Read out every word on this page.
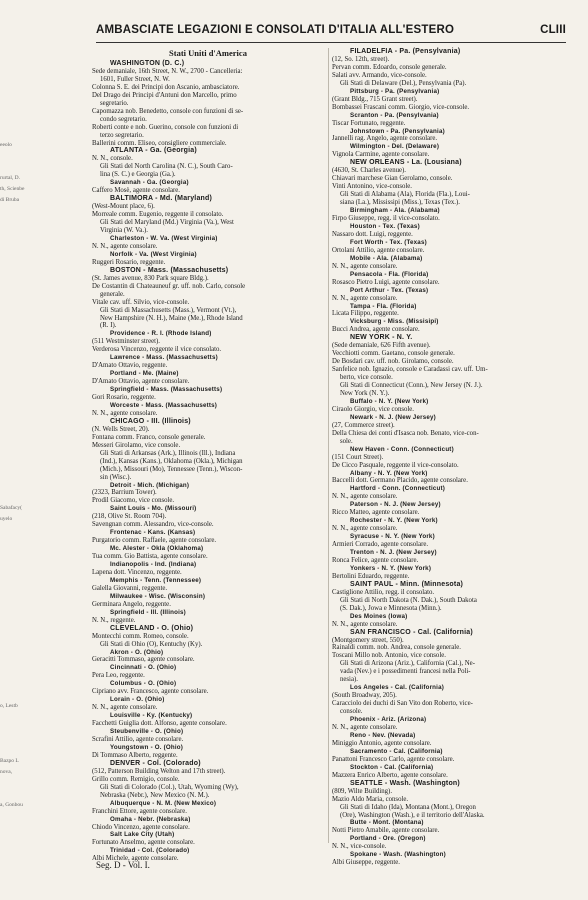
AMBASCIATE LEGAZIONI E CONSOLATI D'ITALIA ALL'ESTERO	CLIII
eeolo

rurtal, D.
th, Scienbe
di Bruba

Sabafacy(
uyelo

o, Lestb

Bazpo L
nova,

a, Gonbou
Stati Uniti d'America
WASHINGTON (D. C.)
Sede demaniale, 16th Street, N. W., 2700 - Cancelleria:
1601, Fuller Street, N. W.
Colonna S. E. dei Principi don Ascanio, ambasciatore.
Del Drago dei Principi d'Antuni don Marcello, primo
segretario.
Capomazza nob. Benedetto, console con funzioni di se-
condo segretario.
Roberti conte e nob. Guerino, console con funzioni di
terzo segretario.
Ballerini comm. Eliseo, consigliere commerciale.
ATLANTA - Ga. (Georgia)
N. N., console.
Gli Stati del North Carolina (N. C.), South Caro-
lina (S. C.) e Georgia (Ga.).
Savannah - Ga. (Georgia)
Caffero Mosè, agente consolare.
BALTIMORA - Md. (Maryland)
(West-Mount place, 6).
Morreale comm. Eugenio, reggente il consolato.
Gli Stati del Maryland (Md.) Virginia (Va.), West
Virginia (W. Va.).
Charleston - W. Va. (West Virginia)
N. N., agente consolare.
Norfolk - Va. (West Virginia)
Ruggeri Rosario, reggente.
BOSTON - Mass. (Massachusetts)
(St. James avenue, 830 Park square Bldg.).
De Costantin di Chateauneuf gr. uff. nob. Carlo, console
generale.
Vitale cav. uff. Silvio, vice-console.
Gli Stati di Massachusetts (Mass.), Vermont (Vt.),
New Hampshire (N. H.), Maine (Me.), Rhode Island
(R. I).
Providence - R. I. (Rhode Island)
(511 Westminster street).
Verderosa Vincenzo, reggente il vice consolato.
Lawrence - Mass. (Massachusetts)
D'Amato Ottavio, reggente.
Portland - Me. (Maine)
D'Amato Ottavio, agente consolare.
Springfield - Mass. (Massachusetts)
Gori Rosario, reggente.
Worceste - Mass. (Massachusetts)
N. N., agente consolare.
CHICAGO - III. (Illinois)
(N. Wells Street, 20).
Fontana comm. Franco, console generale.
Messeri Girolamo, vice console.
Gli Stati di Arkansas (Ark.), Illinois (Ill.), Indiana
(Ind.), Kansas (Kans.), Oklahoma (Okla.), Michigan
(Mich.), Missouri (Mo), Tennessee (Tenn.), Wiscon-
sin (Wisc.).
Detroit - Mich. (Michigan)
(2323, Barrium Tower).
Prodil Giacomo, vice console.
Saint Louis - Mo. (Missouri)
(218, Olive St. Room 704).
Savengnan comm. Alessandro, vice-console.
Frontenac - Kans. (Kansas)
Purgatorio comm. Raffaele, agente consolare.
Mc. Alester - Okla (Oklahoma)
Tua comm. Gio Battista, agente consolare.
Indianopolis - Ind. (Indiana)
Lapena dott. Vincenzo, reggente.
Memphis - Tenn. (Tennessee)
Galella Giovanni, reggente.
Milwaukee - Wisc. (Wisconsin)
Germinara Angelo, reggente.
Springfield - III. (Illinois)
N. N., reggente.
CLEVELAND - O. (Ohio)
Montecchi comm. Romeo, console.
Gli Stati di Ohio (O), Kentuchy (Ky).
Akron - O. (Ohio)
Geracitti Tommaso, agente consolare.
Cincinnati - O. (Ohio)
Pera Leo, reggente.
Columbus - O. (Ohio)
Cipriano avv. Francesco, agente consolare.
Lorain - O. (Ohio)
N. N., agente consolare.
Louisville - Ky. (Kentucky)
Facchetti Guiglia dott. Alfonso, agente consolare.
Steubenville - O. (Ohio)
Scrafini Attilio, agente consolare.
Youngstown - O. (Ohio)
Di Tommaso Alberto, reggente.
DENVER - Col. (Colorado)
(512, Patterson Building Welton and 17th street).
Grillo comm. Remigio, console.
Gli Stati di Colorado (Col.), Utah, Wyoming (Wy),
Nebraska (Nebr.), New Mexico (N. M.).
Albuquerque - N. M. (New Mexico)
Franchini Ettore, agente consolare.
Omaha - Nebr. (Nebraska)
Chiodo Vincenzo, agente consolare.
Salt Lake City (Utah)
Fortunato Anselmo, agente consolare.
Trinidad - Col. (Colorado)
Albi Michele, agente consolare.
FILADELFIA - Pa. (Pensylvania)
(12, So. 12th, street).
Pervan comm. Edoardo, console generale.
Salati avv. Armando, vice-console.
Gli Stati di Delaware (Del.), Pensylvania (Pa).
Pittsburg - Pa. (Pensylvania)
(Grant Bldg., 715 Grant street).
Bombassei Frascani comm. Giorgio, vice-console.
Scranton - Pa. (Pensylvania)
Tiscar Fortunato, reggente.
Johnstown - Pa. (Pensylvania)
Jannelli rag. Angelo, agente consolare.
Wilmington - Del. (Delaware)
Vignola Carmine, agente consolare.
NEW ORLEANS - La. (Lousiana)
(4630, St. Charles avenue).
Chiavari marchese Gian Gerolamo, console.
Vinti Antonino, vice-console.
Gli Stati di Alabama (Ala), Florida (Fla.), Loui-
siana (La.), Mississipi (Miss.), Texas (Tex.).
Birmingham - Ala. (Alabama)
Firpo Giuseppe, regg. il vice-consolato.
Houston - Tex. (Texas)
Nassaro dott. Luigi, reggente.
Fort Worth - Tex. (Texas)
Ortolani Attilio, agente consolare.
Mobile - Ala. (Alabama)
N. N., agente consolare.
Pensacola - Fla. (Florida)
Rosasco Pietro Luigi, agente consolare.
Port Arthur - Tex. (Texas)
N. N., agente consolare.
Tampa - Fla. (Florida)
Licata Filippo, reggente.
Vicksburg - Miss. (Missisipi)
Bucci Andrea, agente consolare.
NEW YORK - N. Y.
(Sede demaniale, 626 Fifth avenue).
Vecchiotti comm. Gaetano, console generale.
De Bosdari cav. uff. nob. Girolamo, console.
Sanfelice nob. Ignazio, console e Caradassi cav. uff. Um-
berto, vice console.
Gli Stati di Connecticut (Conn.), New Jersey (N. J.).
New York (N. Y.).
Buffalo - N. Y. (New York)
Ciraolo Giorgio, vice console.
Newark - N. J. (New Jersey)
(27, Commerce street).
Della Chiesa dei conti d'Isasca nob. Benato, vice-con-
sole.
New Haven - Conn. (Connecticut)
(151 Court Street).
De Cicco Pasquale, reggente il vice-consolato.
Albany - N. Y. (New York)
Baccelli dott. Germano Placido, agente consolare.
Hartford - Conn. (Connecticut)
N. N., agente consolare.
Paterson - N. J. (New Jersey)
Ricco Matteo, agente consolare.
Rochester - N. Y. (New York)
N. N., agente consolare.
Syracuse - N. Y. (New York)
Armieri Corrado, agente consolare.
Trenton - N. J. (New Jersey)
Ronca Felice, agente consolare.
Yonkers - N. Y. (New York)
Bertolini Eduardo, reggente.
SAINT PAUL - Minn. (Minnesota)
Castiglione Attilio, regg. il consolato.
Gli Stati di North Dakota (N. Dak.), South Dakota
(S. Dak.), Jowa e Minnesota (Minn.).
Des Moines (Iowa)
N. N., agente consolare.
SAN FRANCISCO - Cal. (California)
(Montgomery street, 550).
Rainaldi comm. nob. Andrea, console generale.
Toscani Millo nob. Antonio, vice console.
Gli Stati di Arizona (Ariz.), California (Cal.), Ne-
vada (Nev.) e i possedimenti francesi nella Poli-
nesia).
Los Angeles - Cal. (California)
(South Broadway, 205).
Caracciolo dei duchi di San Vito don Roberto, vice-
console.
Phoenix - Ariz. (Arizona)
N. N., agente consolare.
Reno - Nev. (Nevada)
Miniggio Antonio, agente consolare.
Sacramento - Cal. (California)
Panattoni Francesco Carlo, agente consolare.
Stockton - Cal. (California)
Mazzera Enrico Alberto, agente consolare.
SEATTLE - Wash. (Washington)
(809, Wilte Building).
Mazio Aldo Maria, console.
Gli Stati di Idaho (Ida), Montana (Mont.), Oregon
(Ore), Washington (Wash.), e il territorio dell'Alaska.
Butte - Mont. (Montana)
Notti Pietro Amabile, agente consolare.
Portland - Ore. (Oregon)
N. N., vice-console.
Spokane - Wash. (Washington)
Albi Giuseppe, reggente.
Seg. D - Vol. I.
